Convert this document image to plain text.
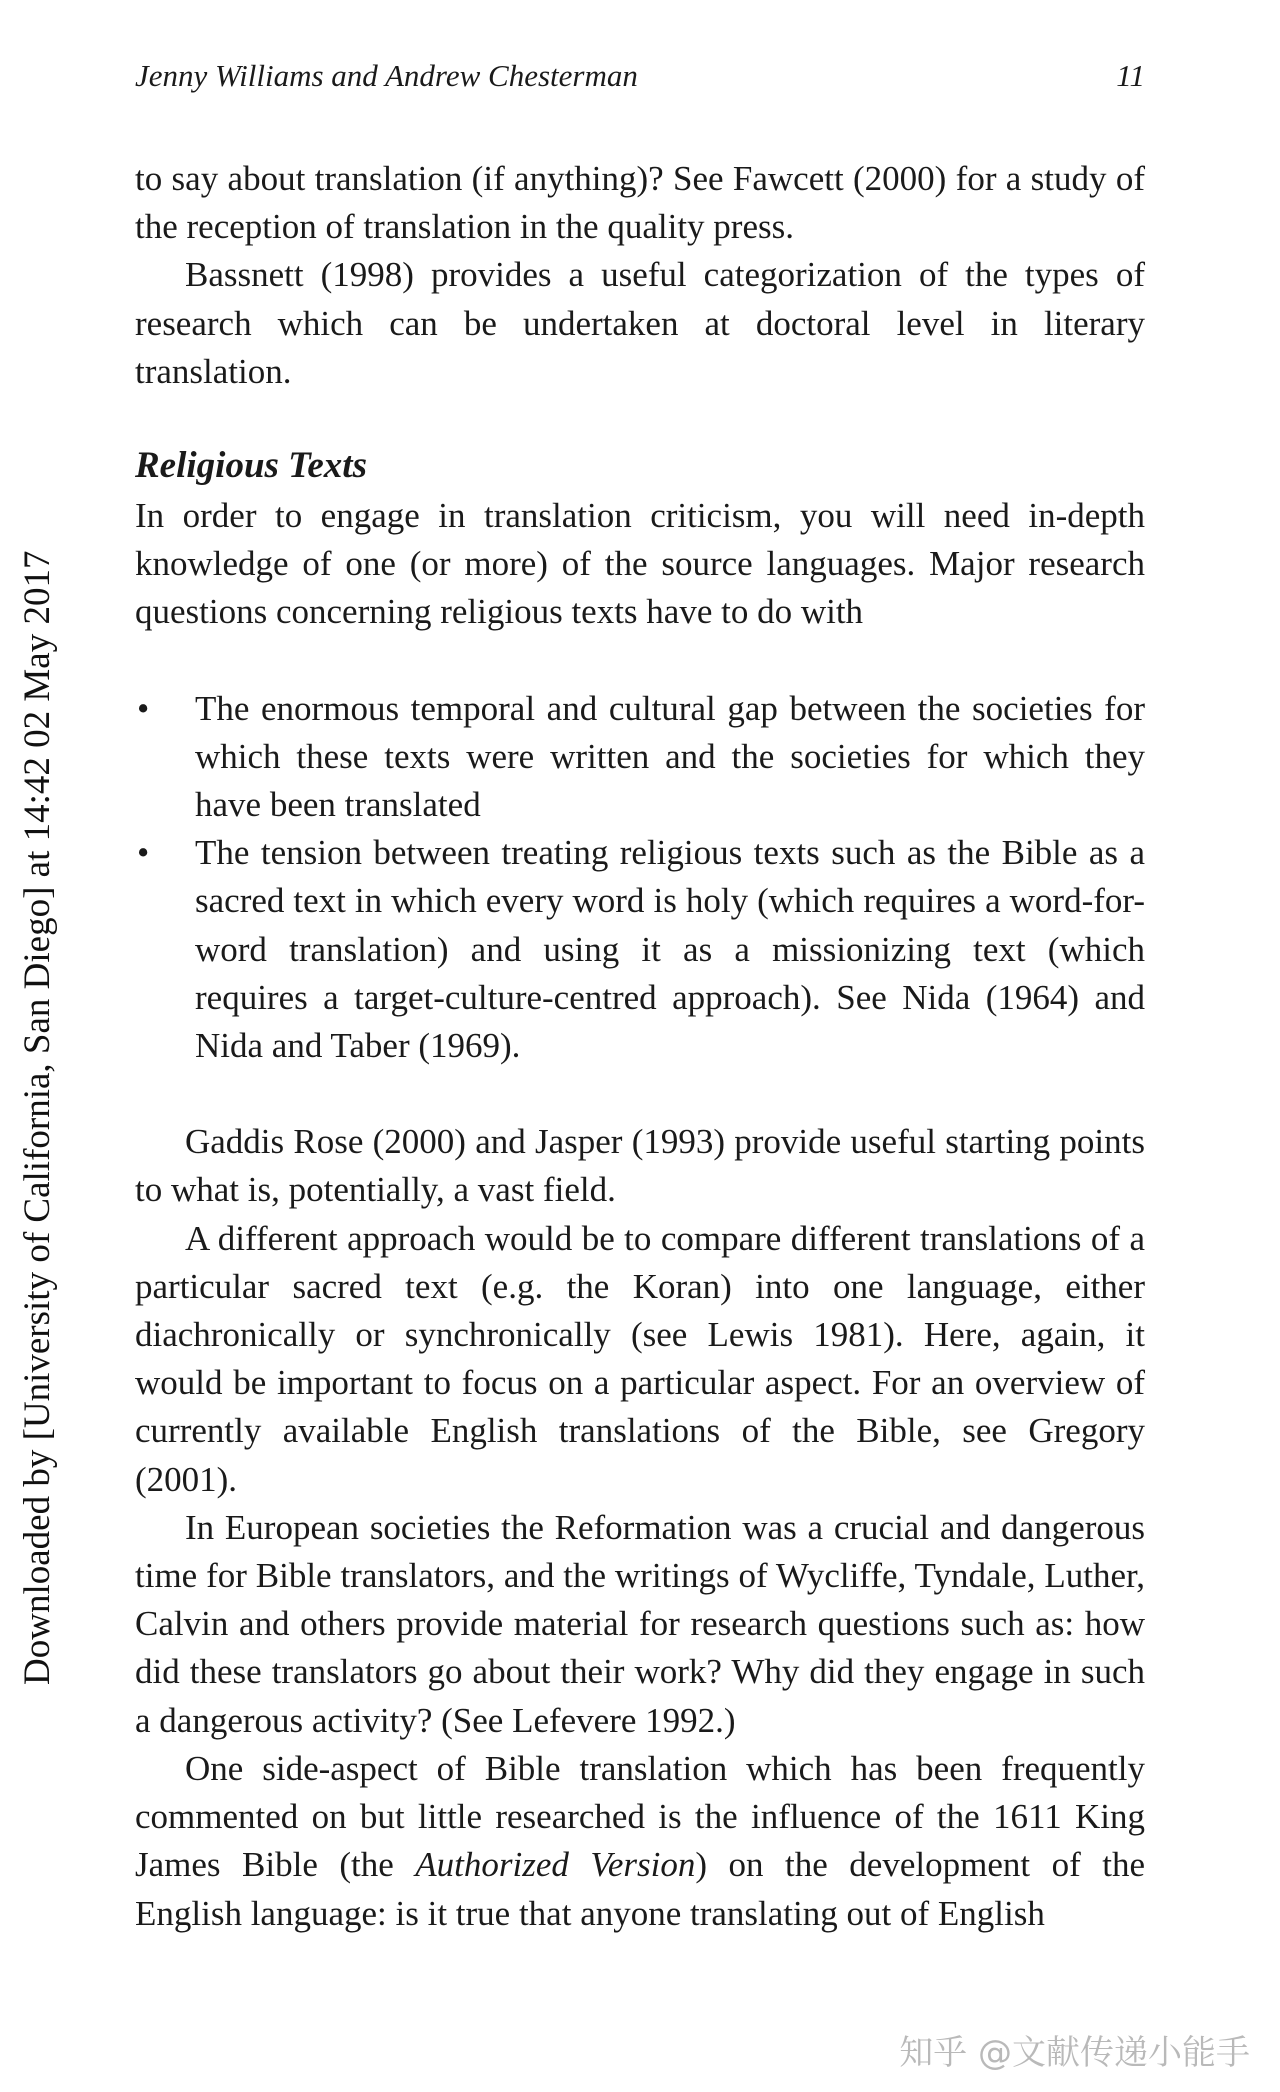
Jenny Williams and Andrew Chesterman	11
Downloaded by [University of California, San Diego] at 14:42 02 May 2017

to say about translation (if anything)? See Fawcett (2000) for a study of the reception of translation in the quality press.

Bassnett (1998) provides a useful categorization of the types of research which can be undertaken at doctoral level in literary translation.

Religious Texts

In order to engage in translation criticism, you will need in-depth knowledge of one (or more) of the source languages. Major research questions concerning religious texts have to do with

• The enormous temporal and cultural gap between the societies for which these texts were written and the societies for which they have been translated
• The tension between treating religious texts such as the Bible as a sacred text in which every word is holy (which requires a word-for-word translation) and using it as a missionizing text (which requires a target-culture-centred approach). See Nida (1964) and Nida and Taber (1969).

Gaddis Rose (2000) and Jasper (1993) provide useful starting points to what is, potentially, a vast field.

A different approach would be to compare different translations of a particular sacred text (e.g. the Koran) into one language, either diachronically or synchronically (see Lewis 1981). Here, again, it would be important to focus on a particular aspect. For an overview of currently available English translations of the Bible, see Gregory (2001).

In European societies the Reformation was a crucial and dangerous time for Bible translators, and the writings of Wycliffe, Tyndale, Luther, Calvin and others provide material for research questions such as: how did these translators go about their work? Why did they engage in such a dangerous activity? (See Lefevere 1992.)

One side-aspect of Bible translation which has been frequently commented on but little researched is the influence of the 1611 King James Bible (the Authorized Version) on the development of the English language: is it true that anyone translating out of English

知乎 @文献传递小能手
